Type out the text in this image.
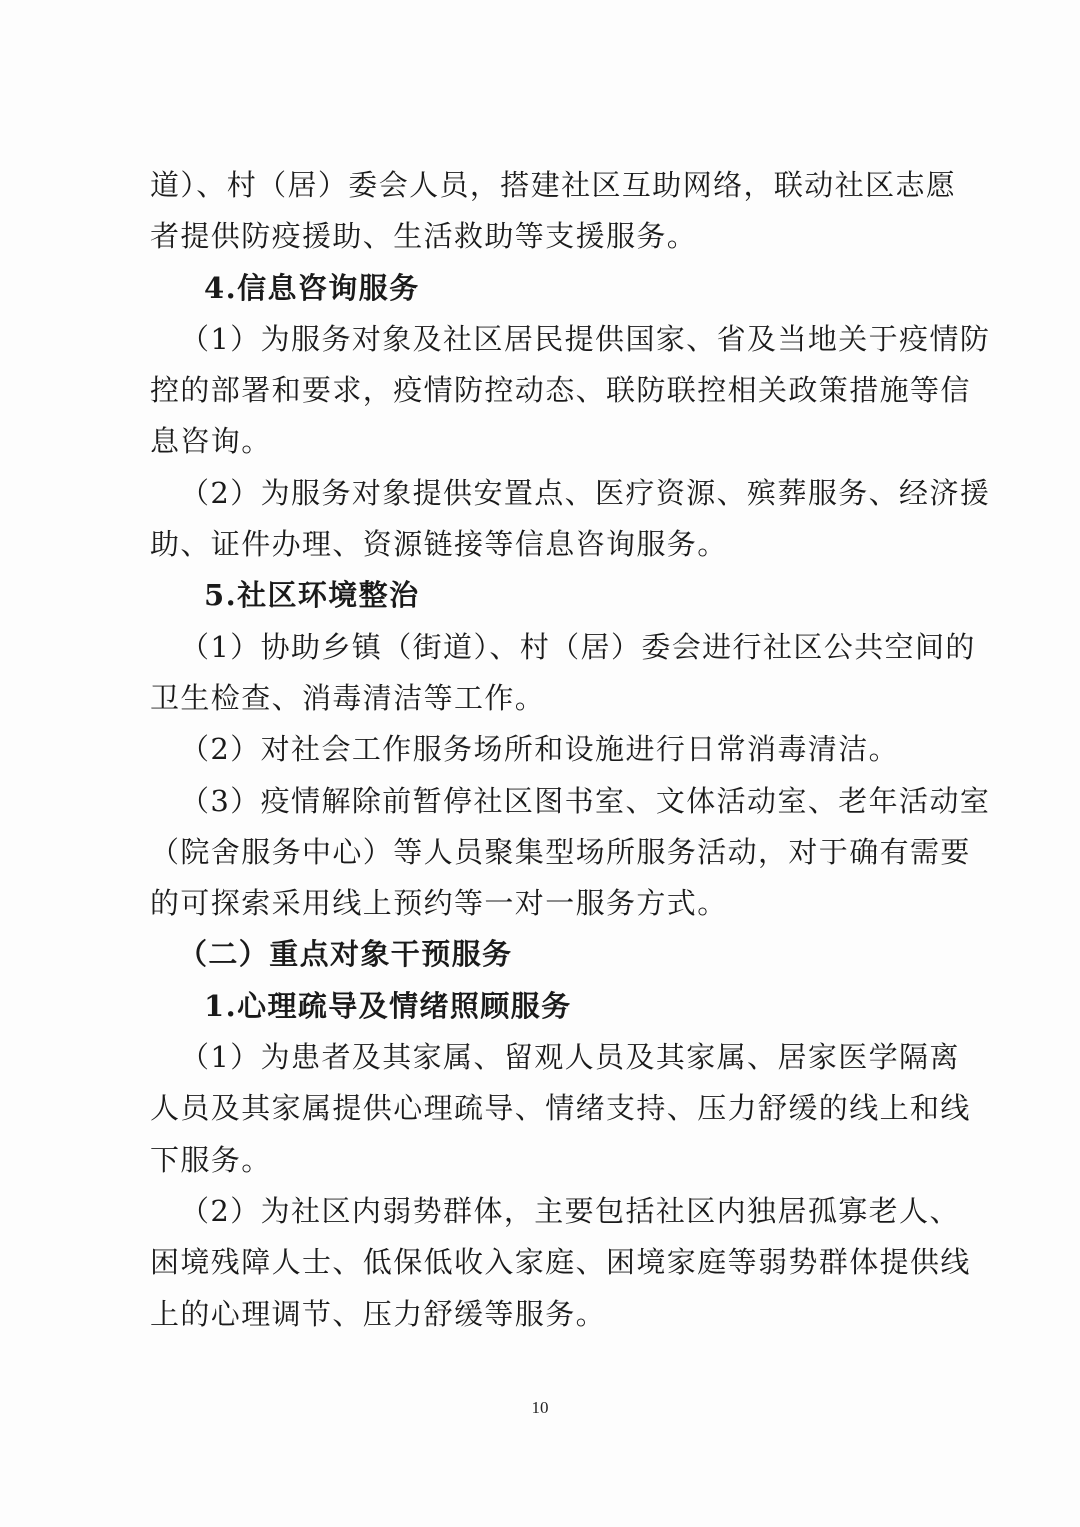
道）、村（居）委会人员，搭建社区互助网络，联动社区志愿
者提供防疫援助、生活救助等支援服务。
4.信息咨询服务
（1）为服务对象及社区居民提供国家、省及当地关于疫情防
控的部署和要求，疫情防控动态、联防联控相关政策措施等信
息咨询。
（2）为服务对象提供安置点、医疗资源、殡葬服务、经济援
助、证件办理、资源链接等信息咨询服务。
5.社区环境整治
（1）协助乡镇（街道）、村（居）委会进行社区公共空间的
卫生检查、消毒清洁等工作。
（2）对社会工作服务场所和设施进行日常消毒清洁。
（3）疫情解除前暂停社区图书室、文体活动室、老年活动室
（院舍服务中心）等人员聚集型场所服务活动，对于确有需要
的可探索采用线上预约等一对一服务方式。
（二）重点对象干预服务
1.心理疏导及情绪照顾服务
（1）为患者及其家属、留观人员及其家属、居家医学隔离
人员及其家属提供心理疏导、情绪支持、压力舒缓的线上和线
下服务。
（2）为社区内弱势群体，主要包括社区内独居孤寡老人、
困境残障人士、低保低收入家庭、困境家庭等弱势群体提供线
上的心理调节、压力舒缓等服务。
10
